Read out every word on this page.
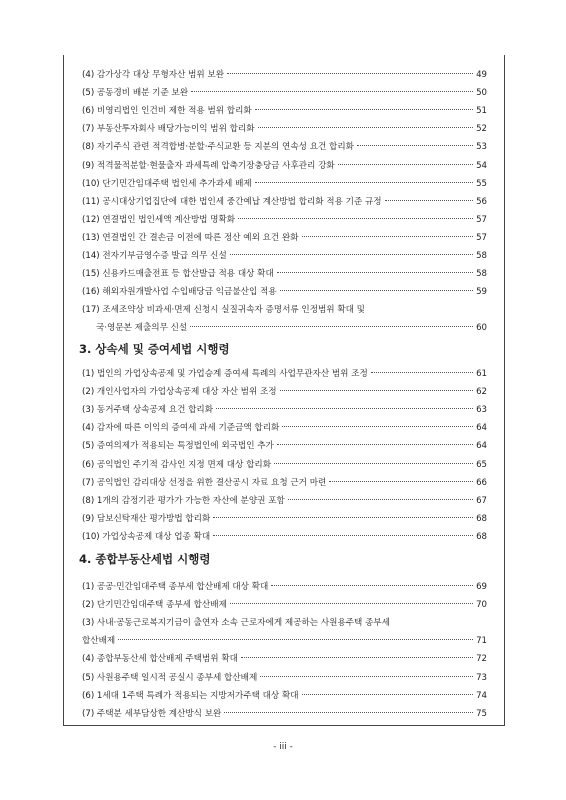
(4) 감가상각 대상 무형자산 범위 보완	49
(5) 공동경비 배분 기준 보완	50
(6) 비영리법인 인건비 제한 적용 범위 합리화	51
(7) 부동산투자회사 배당가능이익 범위 합리화	52
(8) 자기주식 관련 적격합병·분할·주식교환 등 지분의 연속성 요건 합리화	53
(9) 적격물적분할·현물출자 과세특례 압축기장충당금 사후관리 강화	54
(10) 단기민간임대주택 법인세 추가과세 배제	55
(11) 공시대상기업집단에 대한 법인세 중간예납 계산방법 합리화 적용 기준 규정	56
(12) 연결법인 법인세액 계산방법 명확화	57
(13) 연결법인 간 결손금 이전에 따른 정산 예외 요건 완화	57
(14) 전자기부금영수증 발급 의무 신설	58
(15) 신용카드매출전표 등 합산발급 적용 대상 확대	58
(16) 해외자원개발사업 수입배당금 익금불산입 적용	59
(17) 조세조약상 비과세·면제 신청시 실질귀속자 증명서류 인정범위 확대 및
국·영문본 제출의무 신설	60
3. 상속세 및 증여세법 시행령
(1) 법인의 가업상속공제 및 가업승계 증여세 특례의 사업무관자산 범위 조정	61
(2) 개인사업자의 가업상속공제 대상 자산 범위 조정	62
(3) 동거주택 상속공제 요건 합리화	63
(4) 감자에 따른 이익의 증여세 과세 기준금액 합리화	64
(5) 증여의제가 적용되는 특정법인에 외국법인 추가	64
(6) 공익법인 주기적 감사인 지정 면제 대상 합리화	65
(7) 공익법인 감리대상 선정을 위한 결산공시 자료 요청 근거 마련	66
(8) 1개의 감정기관 평가가 가능한 자산에 분양권 포함	67
(9) 담보신탁재산 평가방법 합리화	68
(10) 가업상속공제 대상 업종 확대	68
4. 종합부동산세법 시행령
(1) 공공·민간임대주택 종부세 합산배제 대상 확대	69
(2) 단기민간임대주택 종부세 합산배제	70
(3) 사내·공동근로복지기금이 출연자 소속 근로자에게 제공하는 사원용주택 종부세
합산배제	71
(4) 종합부동산세 합산배제 주택범위 확대	72
(5) 사원용주택 일시적 공실시 종부세 합산배제	73
(6) 1세대 1주택 특례가 적용되는 지방저가주택 대상 확대	74
(7) 주택분 세부담상한 계산방식 보완	75
- iii -
